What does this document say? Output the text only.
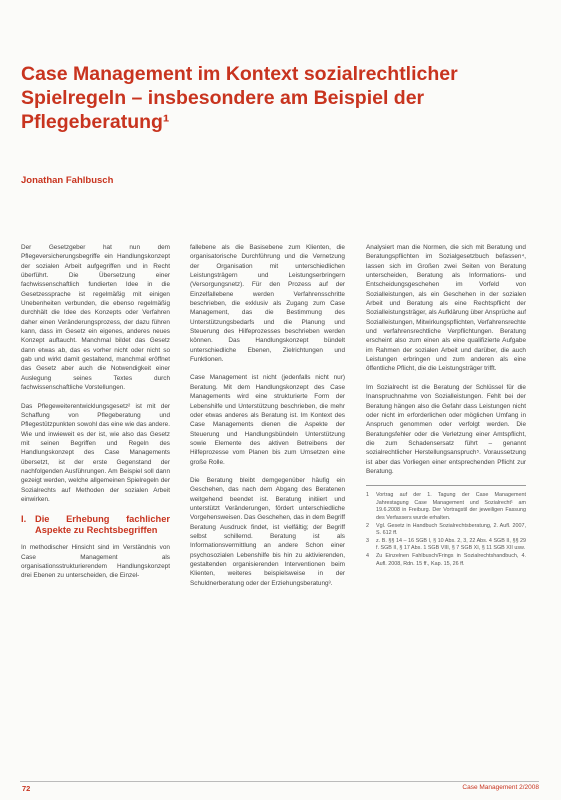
Case Management im Kontext sozialrechtlicher Spielregeln – insbesondere am Beispiel der Pflegeberatung¹
Jonathan Fahlbusch

Der Gesetzgeber hat nun dem Pflegeversicherungsbegriffe ein Handlungskonzept der sozialen Arbeit aufgegriffen und in Recht überführt. Die Übersetzung einer fachwissenschaftlich fundierten Idee in die Gesetzessprache ist regelmäßig mit einigen Unebenheiten verbunden, die ebenso regelmäßig durchhält die Idee des Konzepts oder Verfahren daher einen Veränderungsprozess, der dazu führen kann, dass im Gesetz ein eigenes, anderes neues Konzept auftaucht. Manchmal bildet das Gesetz dann etwas ab, das es vorher nicht oder nicht so gab und wirkt damit gestaltend, manchmal eröffnet das Gesetz aber auch die Notwendigkeit einer Auslegung seines Textes durch fachwissenschaftliche Vorstellungen.

Das Pflegeweiterentwicklungsgesetz² ist mit der Schaffung von Pflegeberatung und Pflegestützpunkten sowohl das eine wie das andere. Wie und inwieweit es der ist, wie also das Gesetz mit seinen Begriffen und Regeln des Handlungskonzept des Case Managements übersetzt, ist der erste Gegenstand der nachfolgenden Ausführungen. Am Beispiel soll dann gezeigt werden, welche allgemeinen Spielregeln der Sozialrechts auf Methoden der sozialen Arbeit einwirken.

I. Die Erhebung fachlicher Aspekte zu Rechtsbegriffen

In methodischer Hinsicht sind im Verständnis von Case Management als organisationsstrukturierendem Handlungskonzept drei Ebenen zu unterscheiden, die Einzel-

fallebene als die Basisebene zum Klienten, die organisatorische Durchführung und die Vernetzung der Organisation mit unterschiedlichen Leistungsträgern und Leistungserbringern (Versorgungsnetz). Für den Prozess auf der Einzelfallebene werden Verfahrensschritte beschrieben, die exklusiv als Zugang zum Case Management, das die Bestimmung des Unterstützungsbedarfs und die Planung und Steuerung des Hilfeprozesses beschrieben werden können. Das Handlungskonzept bündelt unterschiedliche Ebenen, Zielrichtungen und Funktionen.

Case Management ist nicht (jedenfalls nicht nur) Beratung. Mit dem Handlungskonzept des Case Managements wird eine strukturierte Form der Lebenshilfe und Unterstützung beschrieben, die mehr oder etwas anderes als Beratung ist. Im Kontext des Case Managements dienen die Aspekte der Steuerung und Handlungsbündeln Unterstützung sowie Elemente des aktiven Betreibens der Hilfeprozesse vom Planen bis zum Umsetzen eine große Rolle.

Die Beratung bleibt demgegenüber häufig ein Geschehen, das nach dem Abgang des Beratenen weitgehend beendet ist. Beratung initiiert und unterstützt Veränderungen, fördert unterschiedliche Vorgehensweisen. Das Geschehen, das in dem Begriff Beratung Ausdruck findet, ist vielfältig; der Begriff selbst schillernd. Beratung ist als Informationsvermittlung an andere Schon einer psychosozialen Lebenshilfe bis hin zu aktivierenden, gestaltenden organisierenden Interventionen beim Klienten, weiteres beispielsweise in der Schuldnerberatung oder der Erziehungsberatung³.

Analysiert man die Normen, die sich mit Beratung und Beratungspflichten im Sozialgesetzbuch befassen⁴, lassen sich im Großen zwei Seiten von Beratung unterscheiden, Beratung als Informations- und Entscheidungsgeschehen im Vorfeld von Sozialleistungen, als ein Geschehen in der sozialen Arbeit und Beratung als eine Rechtspflicht der Sozialleistungsträger, als Aufklärung über Ansprüche auf Sozialleistungen, Mitwirkungspflichten, Verfahrensrechte und verfahrensrechtliche Verpflichtungen. Beratung erscheint also zum einen als eine qualifizierte Aufgabe im Rahmen der sozialen Arbeit und darüber, die auch Leistungen erbringen und zum anderen als eine öffentliche Pflicht, die die Leistungsträger trifft.

Im Sozialrecht ist die Beratung der Schlüssel für die Inanspruchnahme von Sozialleistungen. Fehlt bei der Beratung hängen also die Gefahr dass Leistungen nicht oder nicht im erforderlichen oder möglichen Umfang in Anspruch genommen oder verfolgt werden. Die Beratungsfehler oder die Verletzung einer Amtspflicht, die zum Schadensersatz führt – genannt sozialrechtlicher Herstellungsanspruch⁵. Voraussetzung ist aber das Vorliegen einer entsprechenden Pflicht zur Beratung.

1	Vortrag auf der 1. Tagung der Case Management Jahrestagung Case Management und Sozialrecht¹ am 19.6.2008 in Freiburg. Der Vortragstil der jeweiligen Fassung des Verfassers wurde erhalten.
2	Vgl. Gesetz in Handbuch Sozialrechtsberatung, 2. Aufl. 2007, S. 612 ff.
3	z. B. §§ 14 – 16 SGB I, § 10 Abs. 2, 3, 22 Abs. 4 SGB II, §§ 29 f. SGB II, § 17 Abs. 1 SGB VIII, § 7 SGB XI, § 11 SGB XII usw.
4	Zu Einzelnen Fahlbusch/Frings in Sozialrechtshandbuch, 4. Aufl. 2008, Rdn. 15 ff., Kap. 15, 26 ff.
72	Case Management 2/2008
